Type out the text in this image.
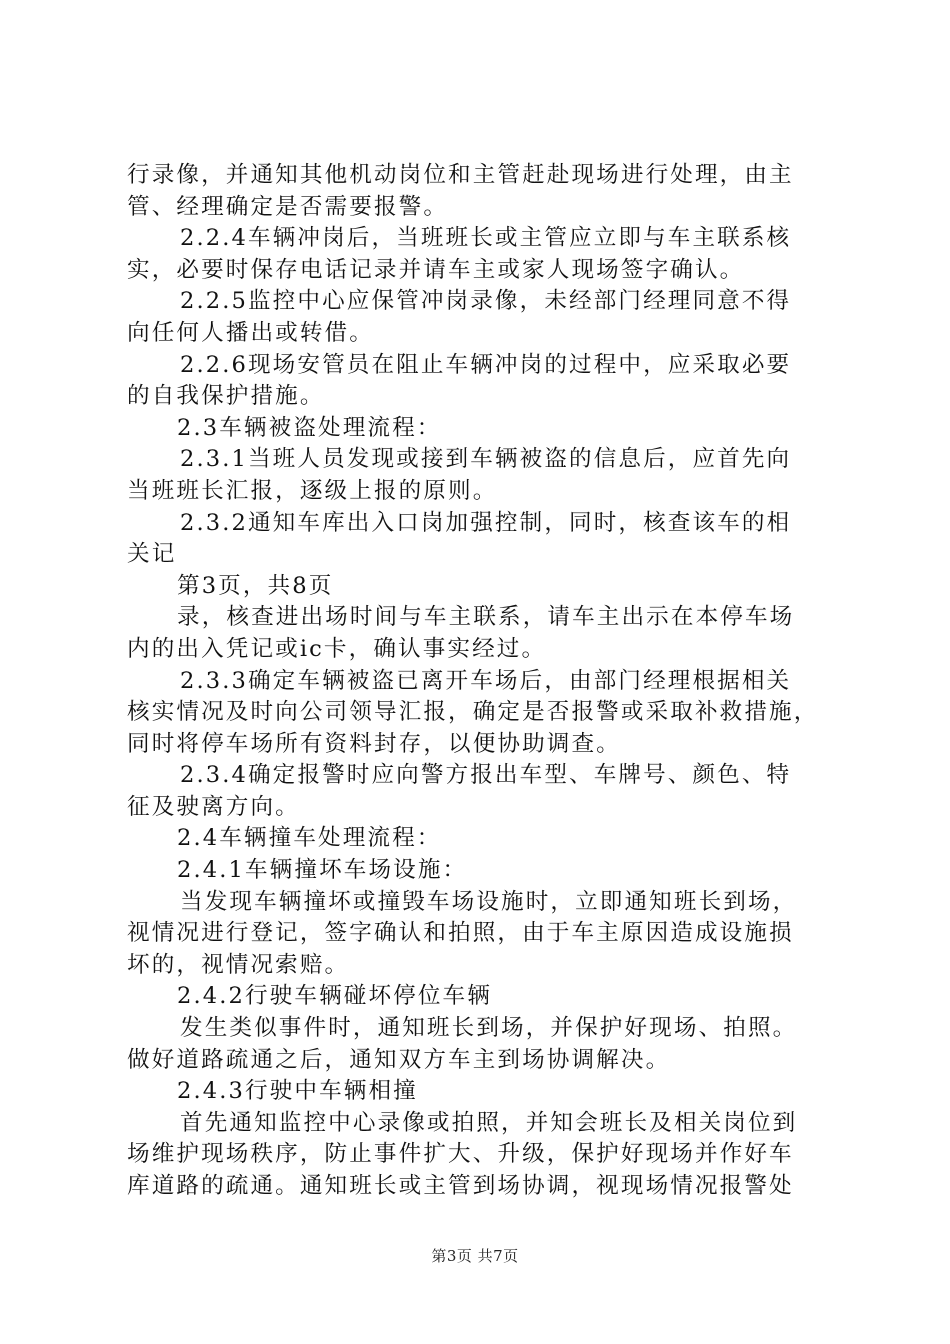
行录像，并通知其他机动岗位和主管赶赴现场进行处理，由主
管、经理确定是否需要报警。
2.2.4车辆冲岗后，当班班长或主管应立即与车主联系核
实，必要时保存电话记录并请车主或家人现场签字确认。
2.2.5监控中心应保管冲岗录像，未经部门经理同意不得
向任何人播出或转借。
2.2.6现场安管员在阻止车辆冲岗的过程中，应采取必要
的自我保护措施。
2.3车辆被盗处理流程：
2.3.1当班人员发现或接到车辆被盗的信息后，应首先向
当班班长汇报，逐级上报的原则。
2.3.2通知车库出入口岗加强控制，同时，核查该车的相
关记
第3页，共8页
录，核查进出场时间与车主联系，请车主出示在本停车场
内的出入凭记或ic卡，确认事实经过。
2.3.3确定车辆被盗已离开车场后，由部门经理根据相关
核实情况及时向公司领导汇报，确定是否报警或采取补救措施，
同时将停车场所有资料封存，以便协助调查。
2.3.4确定报警时应向警方报出车型、车牌号、颜色、特
征及驶离方向。
2.4车辆撞车处理流程：
2.4.1车辆撞坏车场设施：
当发现车辆撞坏或撞毁车场设施时，立即通知班长到场，
视情况进行登记，签字确认和拍照，由于车主原因造成设施损
坏的，视情况索赔。
2.4.2行驶车辆碰坏停位车辆
发生类似事件时，通知班长到场，并保护好现场、拍照。
做好道路疏通之后，通知双方车主到场协调解决。
2.4.3行驶中车辆相撞
首先通知监控中心录像或拍照，并知会班长及相关岗位到
场维护现场秩序，防止事件扩大、升级，保护好现场并作好车
库道路的疏通。通知班长或主管到场协调，视现场情况报警处
第3页 共7页
